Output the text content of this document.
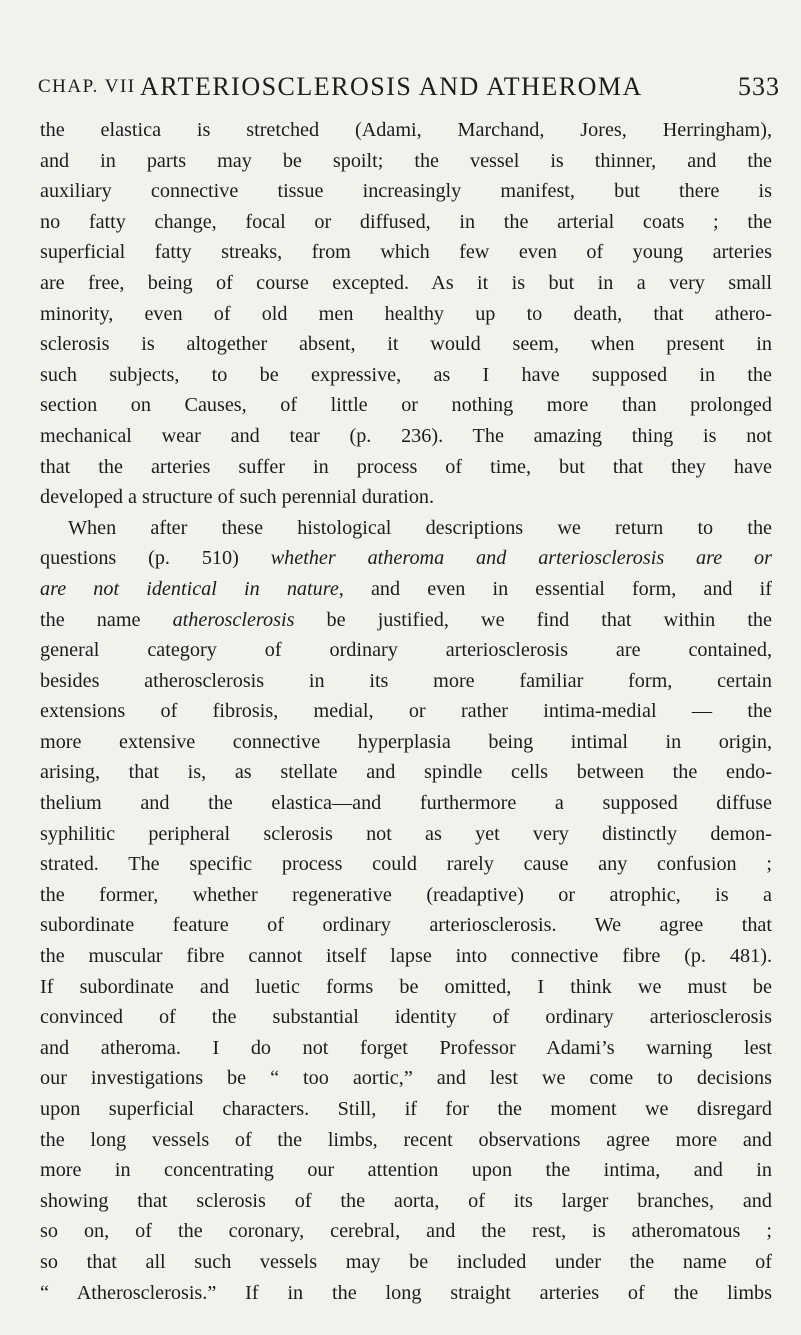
CHAP. VII ARTERIOSCLEROSIS AND ATHEROMA	533
the elastica is stretched (Adami, Marchand, Jores, Herringham),
and in parts may be spoilt; the vessel is thinner, and the
auxiliary connective tissue increasingly manifest, but there is
no fatty change, focal or diffused, in the arterial coats ; the
superficial fatty streaks, from which few even of young arteries
are free, being of course excepted. As it is but in a very small
minority, even of old men healthy up to death, that athero-
sclerosis is altogether absent, it would seem, when present in
such subjects, to be expressive, as I have supposed in the
section on Causes, of little or nothing more than prolonged
mechanical wear and tear (p. 236). The amazing thing is not
that the arteries suffer in process of time, but that they have
developed a structure of such perennial duration.
When after these histological descriptions we return to the
questions (p. 510) whether atheroma and arteriosclerosis are or
are not identical in nature, and even in essential form, and if
the name atherosclerosis be justified, we find that within the
general category of ordinary arteriosclerosis are contained,
besides atherosclerosis in its more familiar form, certain
extensions of fibrosis, medial, or rather intima-medial — the
more extensive connective hyperplasia being intimal in origin,
arising, that is, as stellate and spindle cells between the endo-
thelium and the elastica—and furthermore a supposed diffuse
syphilitic peripheral sclerosis not as yet very distinctly demon-
strated. The specific process could rarely cause any confusion ;
the former, whether regenerative (readaptive) or atrophic, is a
subordinate feature of ordinary arteriosclerosis. We agree that
the muscular fibre cannot itself lapse into connective fibre (p. 481).
If subordinate and luetic forms be omitted, I think we must be
convinced of the substantial identity of ordinary arteriosclerosis
and atheroma. I do not forget Professor Adami’s warning lest
our investigations be “ too aortic,” and lest we come to decisions
upon superficial characters. Still, if for the moment we disregard
the long vessels of the limbs, recent observations agree more and
more in concentrating our attention upon the intima, and in
showing that sclerosis of the aorta, of its larger branches, and
so on, of the coronary, cerebral, and the rest, is atheromatous ;
so that all such vessels may be included under the name of
“ Atherosclerosis.” If in the long straight arteries of the limbs
